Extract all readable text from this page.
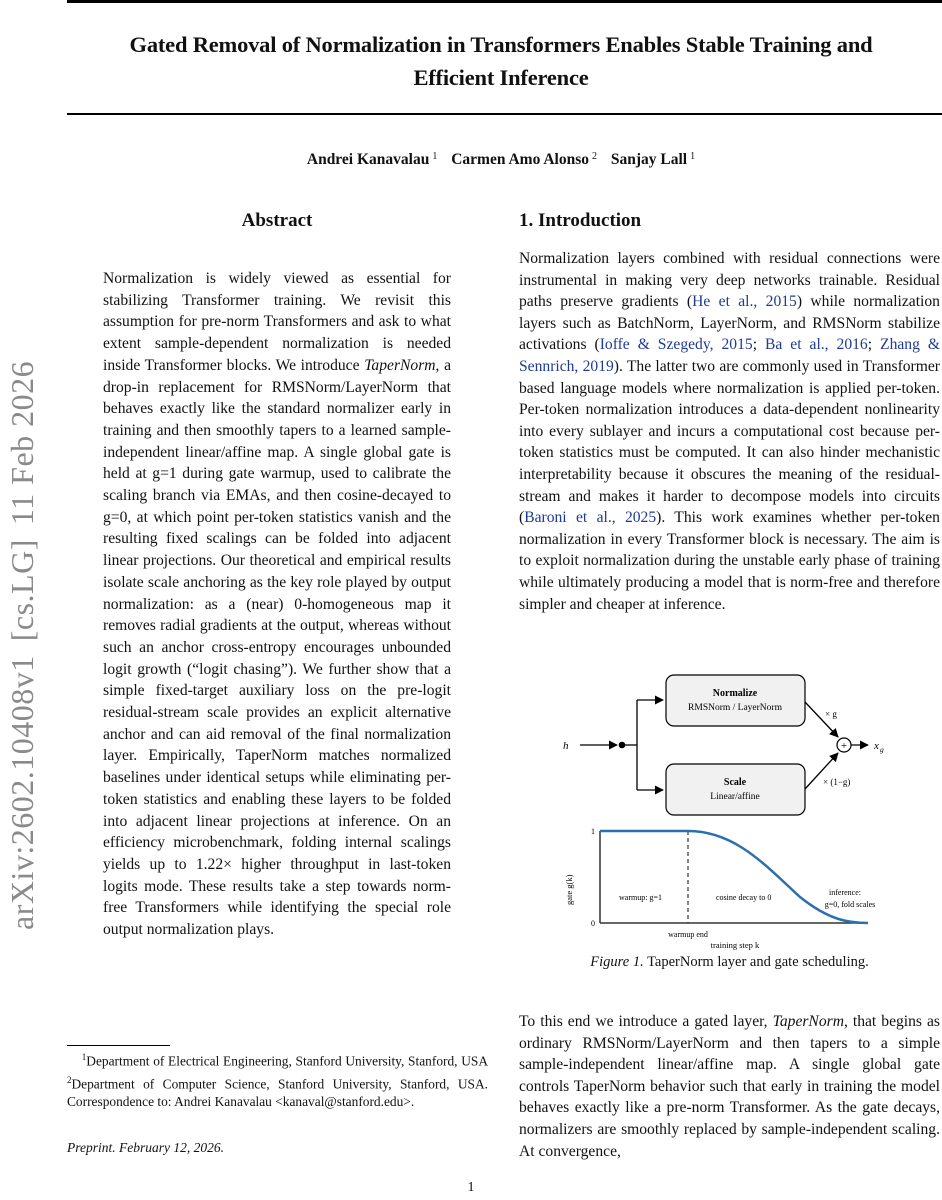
Gated Removal of Normalization in Transformers Enables Stable Training and
Efficient Inference
Andrei Kanavalau $^1$ Carmen Amo Alonso $^2$ Sanjay Lall $^1$
arXiv:2602.10408v1[cs.LG]11 Feb 2026
Abstract
Normalization is widely viewed as essential for stabilizing Transformer training. We revisit this assumption for pre-norm Transformers and ask to what extent sample-dependent normalization is needed inside Transformer blocks. We introduce TaperNorm, a drop-in replacement for RMSNorm/LayerNorm that behaves exactly like the standard normalizer early in training and then smoothly tapers to a learned sample-independent linear/affine map. A single global gate is held at g=1 during gate warmup, used to calibrate the scaling branch via EMAs, and then cosine-decayed to g=0, at which point per-token statistics vanish and the resulting fixed scalings can be folded into adjacent linear projections. Our theoretical and empirical results isolate scale anchoring as the key role played by output normalization: as a (near) 0-homogeneous map it removes radial gradients at the output, whereas without such an anchor cross-entropy encourages unbounded logit growth (“logit chasing”). We further show that a simple fixed-target auxiliary loss on the pre-logit residual-stream scale provides an explicit alternative anchor and can aid removal of the final normalization layer. Empirically, TaperNorm matches normalized baselines under identical setups while eliminating per-token statistics and enabling these layers to be folded into adjacent linear projections at inference. On an efficiency microbenchmark, folding internal scalings yields up to 1.22× higher throughput in last-token logits mode. These results take a step towards norm-free Transformers while identifying the special role output normalization plays.
1. Introduction
Normalization layers combined with residual connections were instrumental in making very deep networks trainable. Residual paths preserve gradients (He et al., 2015) while normalization layers such as BatchNorm, LayerNorm, and RMSNorm stabilize activations (Ioffe & Szegedy, 2015; Ba et al., 2016; Zhang & Sennrich, 2019). The latter two are commonly used in Transformer based language models where normalization is applied per-token. Per-token normalization introduces a data-dependent nonlinearity into every sublayer and incurs a computational cost because per-token statistics must be computed. It can also hinder mechanistic interpretability because it obscures the meaning of the residual-stream and makes it harder to decompose models into circuits (Baroni et al., 2025). This work examines whether per-token normalization in every Transformer block is necessary. The aim is to exploit normalization during the unstable early phase of training while ultimately producing a model that is norm-free and therefore simpler and cheaper at inference.
h
Normalize
RMSNorm / LayerNorm
Scale
Linear/affine
× g
× (1−g)
+ x g
1
0
gate g(k)	warmup: g=1	cosine decay to 0
inference:
g=0, fold scales
warmup end
training step k
Figure 1. TaperNorm layer and gate scheduling.
To this end we introduce a gated layer, TaperNorm, that begins as ordinary RMSNorm/LayerNorm and then tapers to a simple sample-independent linear/affine map. A single global gate controls TaperNorm behavior such that early in training the model behaves exactly like a pre-norm Transformer. As the gate decays, normalizers are smoothly replaced by sample-independent scaling. At convergence,
$^1$Department of Electrical Engineering, Stanford University, Stanford, USA $^2$Department of Computer Science, Stanford University, Stanford, USA. Correspondence to: Andrei Kanavalau <kanaval@stanford.edu>.
Preprint. February 12, 2026.
1
